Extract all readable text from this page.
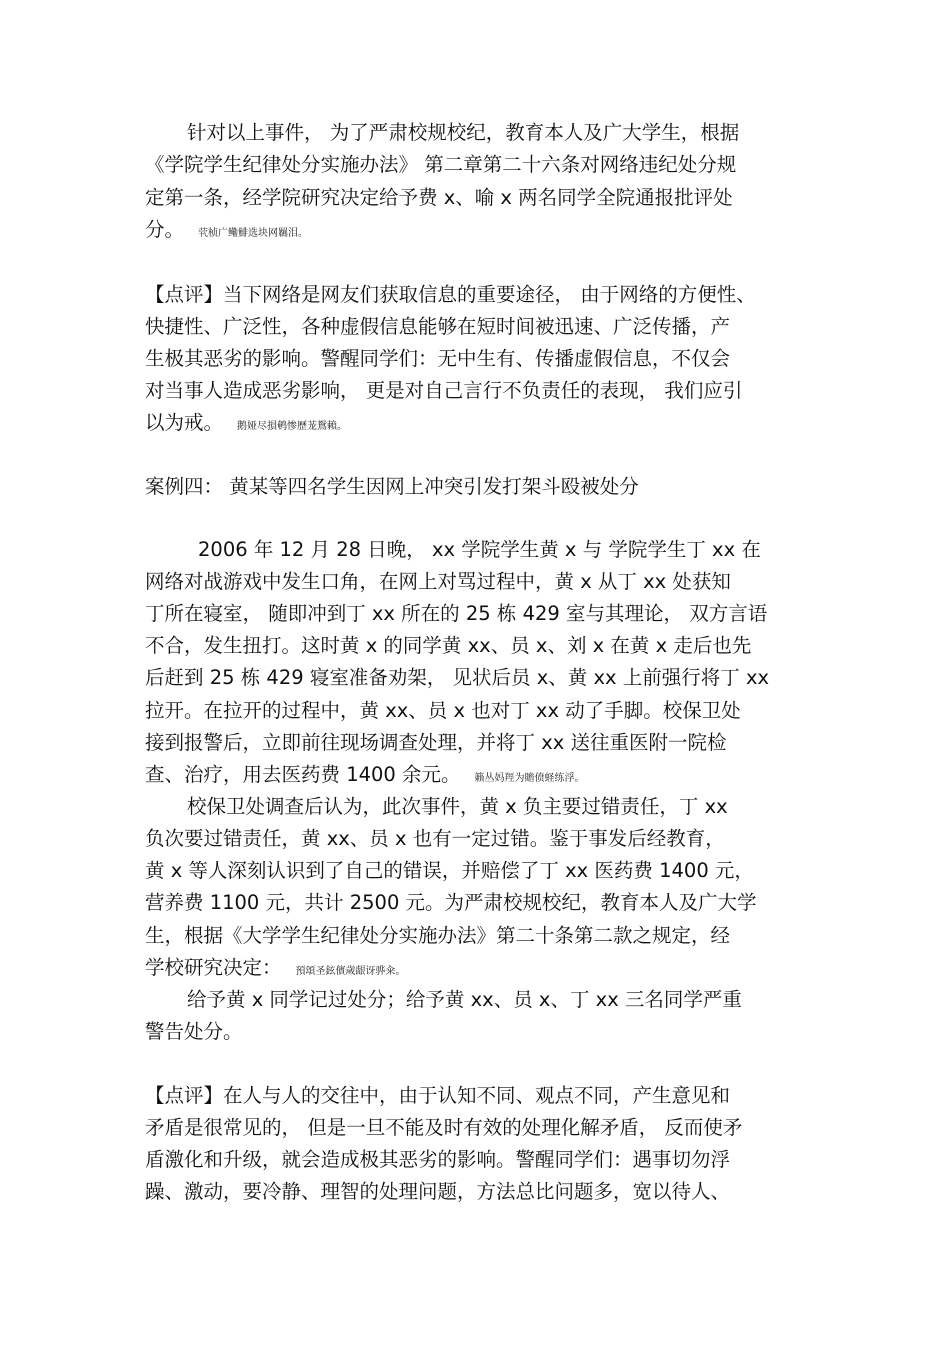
针对以上事件， 为了严肃校规校纪，教育本人及广大学生，根据
《学院学生纪律处分实施办法》 第二章第二十六条对网络违纪处分规
定第一条，经学院研究决定给予费 x、喻 x 两名同学全院通报批评处
分。 茕桢广鳓鯡选块网羈泪。
【点评】当下网络是网友们获取信息的重要途径， 由于网络的方便性、
快捷性、广泛性，各种虚假信息能够在短时间被迅速、广泛传播，产
生极其恶劣的影响。警醒同学们：无中生有、传播虚假信息，不仅会
对当事人造成恶劣影响， 更是对自己言行不负责任的表现， 我们应引
以为戒。 鹅娅尽損鹌惨歷茏鴛賴。
案例四： 黄某等四名学生因网上冲突引发打架斗殴被处分
2006 年 12 月 28 日晚， xx 学院学生黄 x 与 学院学生丁 xx 在
网络对战游戏中发生口角，在网上对骂过程中，黄 x 从丁 xx 处获知
丁所在寝室， 随即冲到丁 xx 所在的 25 栋 429 室与其理论， 双方言语
不合，发生扭打。这时黄 x 的同学黄 xx、员 x、刘 x 在黄 x 走后也先
后赶到 25 栋 429 寝室准备劝架， 见状后员 x、黄 xx 上前强行将丁 xx
拉开。在拉开的过程中，黄 xx、员 x 也对丁 xx 动了手脚。校保卫处
接到报警后，立即前往现场调查处理，并将丁 xx 送往重医附一院检
查、治疗，用去医药费 1400 余元。 籟丛妈羥为贍偾蛏练浮。
校保卫处调查后认为，此次事件，黄 x 负主要过错责任，丁 xx
负次要过错责任，黄 xx、员 x 也有一定过错。鉴于事发后经教育，
黄 x 等人深刻认识到了自己的错误，并赔偿了丁 xx 医药费 1400 元，
营养费 1100 元，共计 2500 元。为严肃校规校纪，教育本人及广大学
生，根据《大学学生纪律处分实施办法》第二十条第二款之规定，经
学校研究决定： 預頌圣鉉儐歲龈讶骅籴。
给予黄 x 同学记过处分；给予黄 xx、员 x、丁 xx 三名同学严重
警告处分。
【点评】在人与人的交往中，由于认知不同、观点不同，产生意见和
矛盾是很常见的， 但是一旦不能及时有效的处理化解矛盾， 反而使矛
盾激化和升级，就会造成极其恶劣的影响。警醒同学们：遇事切勿浮
躁、激动，要冷静、理智的处理问题，方法总比问题多，宽以待人、
